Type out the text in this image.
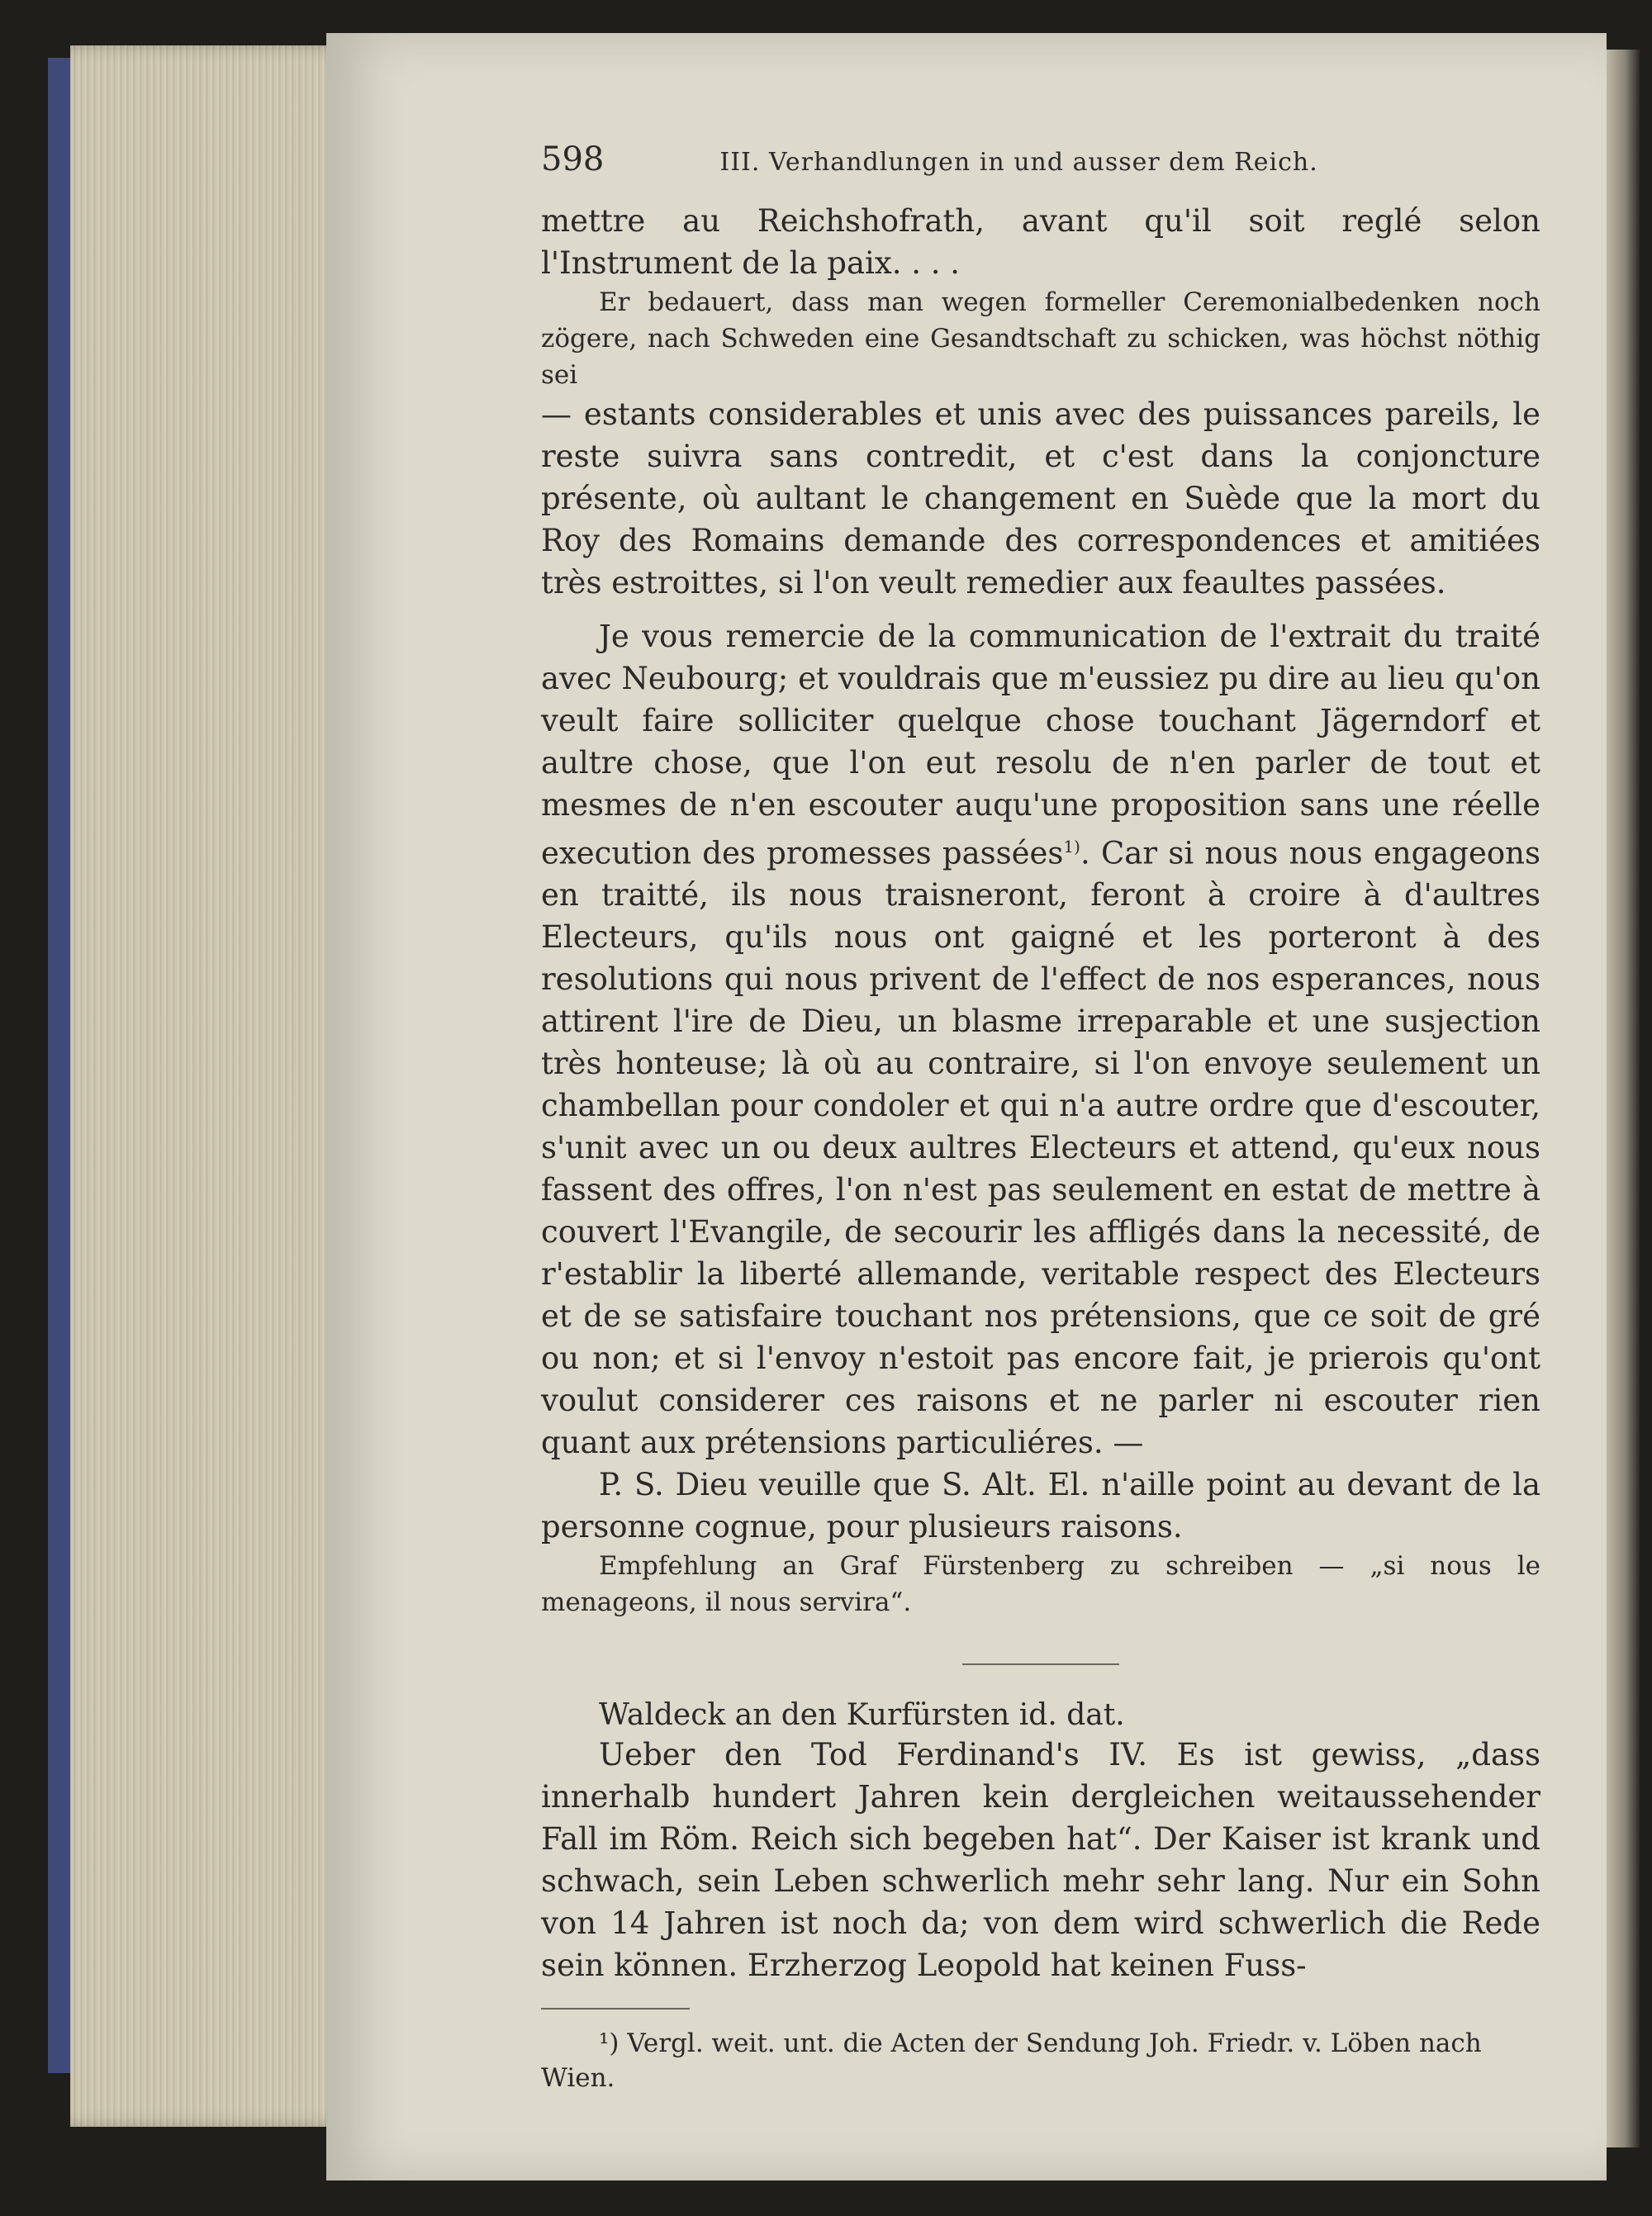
598	III. Verhandlungen in und ausser dem Reich.

mettre au Reichshofrath, avant qu'il soit reglé selon l'Instrument de la paix. . . .

Er bedauert, dass man wegen formeller Ceremonialbedenken noch zögere, nach Schweden eine Gesandtschaft zu schicken, was höchst nöthig sei

— estants considerables et unis avec des puissances pareils, le reste suivra sans contredit, et c'est dans la conjoncture présente, où aultant le changement en Suède que la mort du Roy des Romains demande des correspondences et amitiées très estroittes, si l'on veult remedier aux feaultes passées.

Je vous remercie de la communication de l'extrait du traité avec Neubourg; et vouldrais que m'eussiez pu dire au lieu qu'on veult faire solliciter quelque chose touchant Jägerndorf et aultre chose, que l'on eut resolu de n'en parler de tout et mesmes de n'en escouter auqu'une proposition sans une réelle execution des promesses passées$^{1)}$. Car si nous nous engageons en traitté, ils nous traisneront, feront à croire à d'aultres Electeurs, qu'ils nous ont gaigné et les porteront à des resolutions qui nous privent de l'effect de nos esperances, nous attirent l'ire de Dieu, un blasme irreparable et une susjection très honteuse; là où au contraire, si l'on envoye seulement un chambellan pour condoler et qui n'a autre ordre que d'escouter, s'unit avec un ou deux aultres Electeurs et attend, qu'eux nous fassent des offres, l'on n'est pas seulement en estat de mettre à couvert l'Evangile, de secourir les affligés dans la necessité, de r'establir la liberté allemande, veritable respect des Electeurs et de se satisfaire touchant nos prétensions, que ce soit de gré ou non; et si l'envoy n'estoit pas encore fait, je prierois qu'ont voulut considerer ces raisons et ne parler ni escouter rien quant aux prétensions particuliéres. —

P. S. Dieu veuille que S. Alt. El. n'aille point au devant de la personne cognue, pour plusieurs raisons.

Empfehlung an Graf Fürstenberg zu schreiben — „si nous le menageons, il nous servira“.

Waldeck an den Kurfürsten id. dat.

Ueber den Tod Ferdinand's IV. Es ist gewiss, „dass innerhalb hundert Jahren kein dergleichen weitaussehender Fall im Röm. Reich sich begeben hat“. Der Kaiser ist krank und schwach, sein Leben schwerlich mehr sehr lang. Nur ein Sohn von 14 Jahren ist noch da; von dem wird schwerlich die Rede sein können. Erzherzog Leopold hat keinen Fuss-

¹) Vergl. weit. unt. die Acten der Sendung Joh. Friedr. v. Löben nach Wien.
